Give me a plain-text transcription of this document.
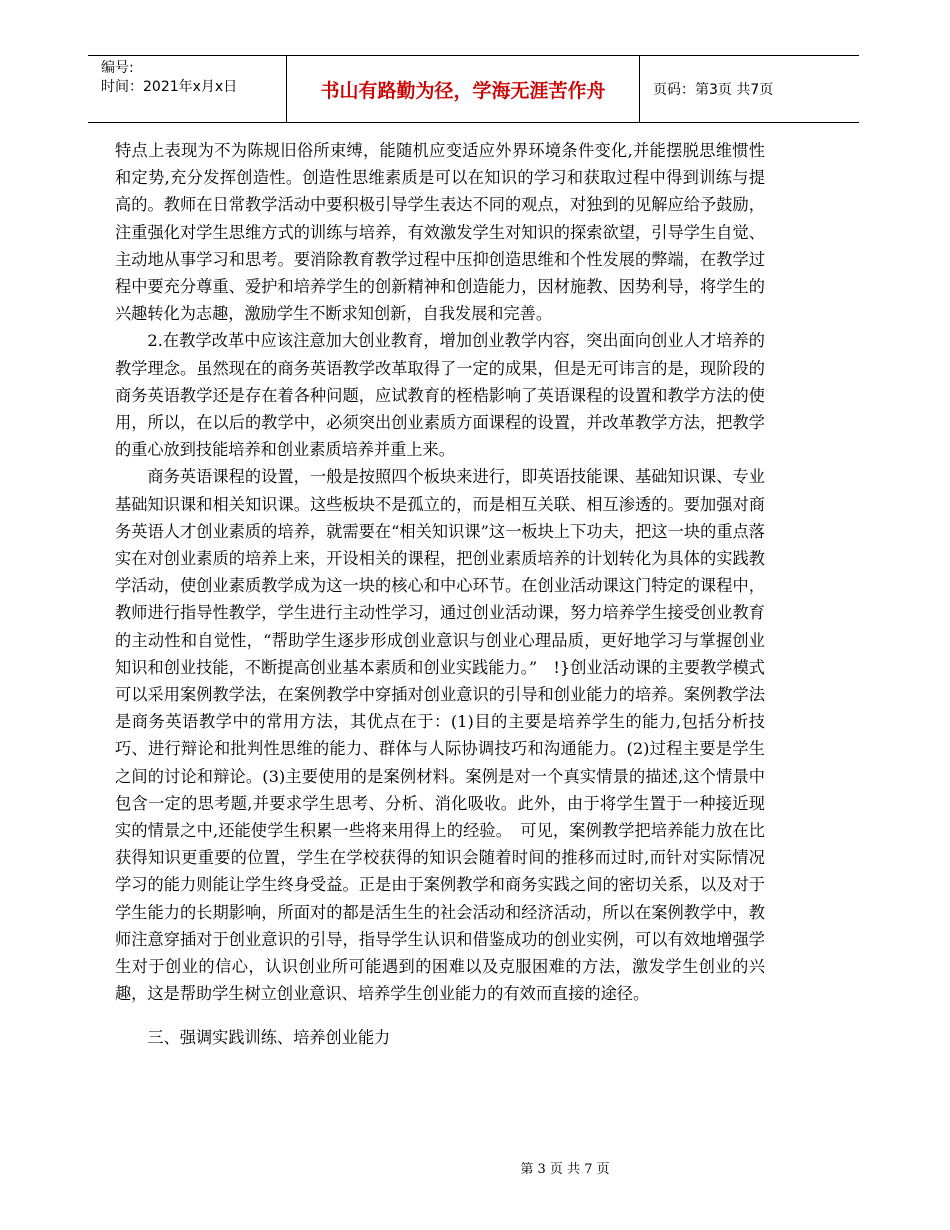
编号:
时间：2021年x月x日	书山有路勤为径，学海无涯苦作舟	页码：第3页 共7页

特点上表现为不为陈规旧俗所束缚，能随机应变适应外界环境条件变化,并能摆脱思维惯性和定势,充分发挥创造性。创造性思维素质是可以在知识的学习和获取过程中得到训练与提高的。教师在日常教学活动中要积极引导学生表达不同的观点，对独到的见解应给予鼓励，注重强化对学生思维方式的训练与培养，有效激发学生对知识的探索欲望，引导学生自觉、主动地从事学习和思考。要消除教育教学过程中压抑创造思维和个性发展的弊端，在教学过程中要充分尊重、爱护和培养学生的创新精神和创造能力，因材施教、因势利导，将学生的兴趣转化为志趣，激励学生不断求知创新，自我发展和完善。

2.在教学改革中应该注意加大创业教育，增加创业教学内容，突出面向创业人才培养的教学理念。虽然现在的商务英语教学改革取得了一定的成果，但是无可讳言的是，现阶段的商务英语教学还是存在着各种问题，应试教育的桎梏影响了英语课程的设置和教学方法的使用，所以，在以后的教学中，必须突出创业素质方面课程的设置，并改革教学方法，把教学的重心放到技能培养和创业素质培养并重上来。

商务英语课程的设置，一般是按照四个板块来进行，即英语技能课、基础知识课、专业基础知识课和相关知识课。这些板块不是孤立的，而是相互关联、相互渗透的。要加强对商务英语人才创业素质的培养，就需要在“相关知识课”这一板块上下功夫，把这一块的重点落实在对创业素质的培养上来，开设相关的课程，把创业素质培养的计划转化为具体的实践教学活动，使创业素质教学成为这一块的核心和中心环节。在创业活动课这门特定的课程中，教师进行指导性教学，学生进行主动性学习，通过创业活动课，努力培养学生接受创业教育的主动性和自觉性，“帮助学生逐步形成创业意识与创业心理品质，更好地学习与掌握创业知识和创业技能，不断提高创业基本素质和创业实践能力。”　!}创业活动课的主要教学模式可以采用案例教学法，在案例教学中穿插对创业意识的引导和创业能力的培养。案例教学法是商务英语教学中的常用方法，其优点在于：(1)目的主要是培养学生的能力,包括分析技巧、进行辩论和批判性思维的能力、群体与人际协调技巧和沟通能力。(2)过程主要是学生之间的讨论和辩论。(3)主要使用的是案例材料。案例是对一个真实情景的描述,这个情景中包含一定的思考题,并要求学生思考、分析、消化吸收。此外，由于将学生置于一种接近现实的情景之中,还能使学生积累一些将来用得上的经验。　可见，案例教学把培养能力放在比获得知识更重要的位置，学生在学校获得的知识会随着时间的推移而过时,而针对实际情况学习的能力则能让学生终身受益。正是由于案例教学和商务实践之间的密切关系，以及对于学生能力的长期影响，所面对的都是活生生的社会活动和经济活动，所以在案例教学中，教师注意穿插对于创业意识的引导，指导学生认识和借鉴成功的创业实例，可以有效地增强学生对于创业的信心，认识创业所可能遇到的困难以及克服困难的方法，激发学生创业的兴趣，这是帮助学生树立创业意识、培养学生创业能力的有效而直接的途径。

三、强调实践训练、培养创业能力

第 3 页 共 7 页
